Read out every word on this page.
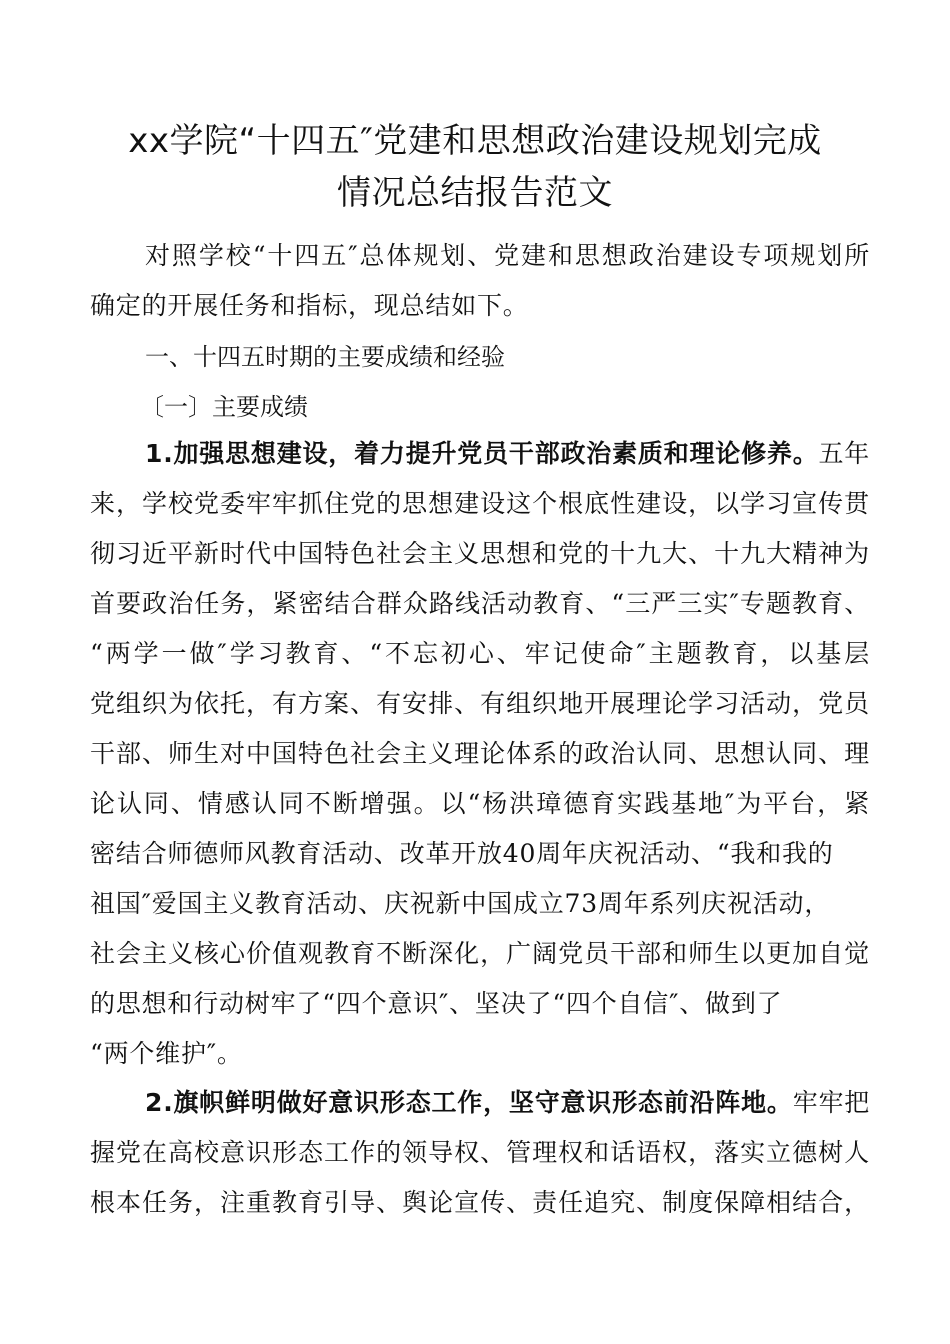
xx学院“十四五″党建和思想政治建设规划完成
情况总结报告范文
对照学校“十四五″总体规划、党建和思想政治建设专项规划所
确定的开展任务和指标，现总结如下。
一、十四五时期的主要成绩和经验
〔一〕主要成绩
1.加强思想建设，着力提升党员干部政治素质和理论修养。五年
来，学校党委牢牢抓住党的思想建设这个根底性建设，以学习宣传贯
彻习近平新时代中国特色社会主义思想和党的十九大、十九大精神为
首要政治任务，紧密结合群众路线活动教育、“三严三实″专题教育、
“两学一做″学习教育、“不忘初心、牢记使命″主题教育，以基层
党组织为依托，有方案、有安排、有组织地开展理论学习活动，党员
干部、师生对中国特色社会主义理论体系的政治认同、思想认同、理
论认同、情感认同不断增强。以“杨洪璋德育实践基地″为平台，紧
密结合师德师风教育活动、改革开放40周年庆祝活动、“我和我的
祖国″爱国主义教育活动、庆祝新中国成立73周年系列庆祝活动，
社会主义核心价值观教育不断深化，广阔党员干部和师生以更加自觉
的思想和行动树牢了“四个意识″、坚决了“四个自信″、做到了
“两个维护″。
2.旗帜鲜明做好意识形态工作，坚守意识形态前沿阵地。牢牢把
握党在高校意识形态工作的领导权、管理权和话语权，落实立德树人
根本任务，注重教育引导、舆论宣传、责任追究、制度保障相结合，
